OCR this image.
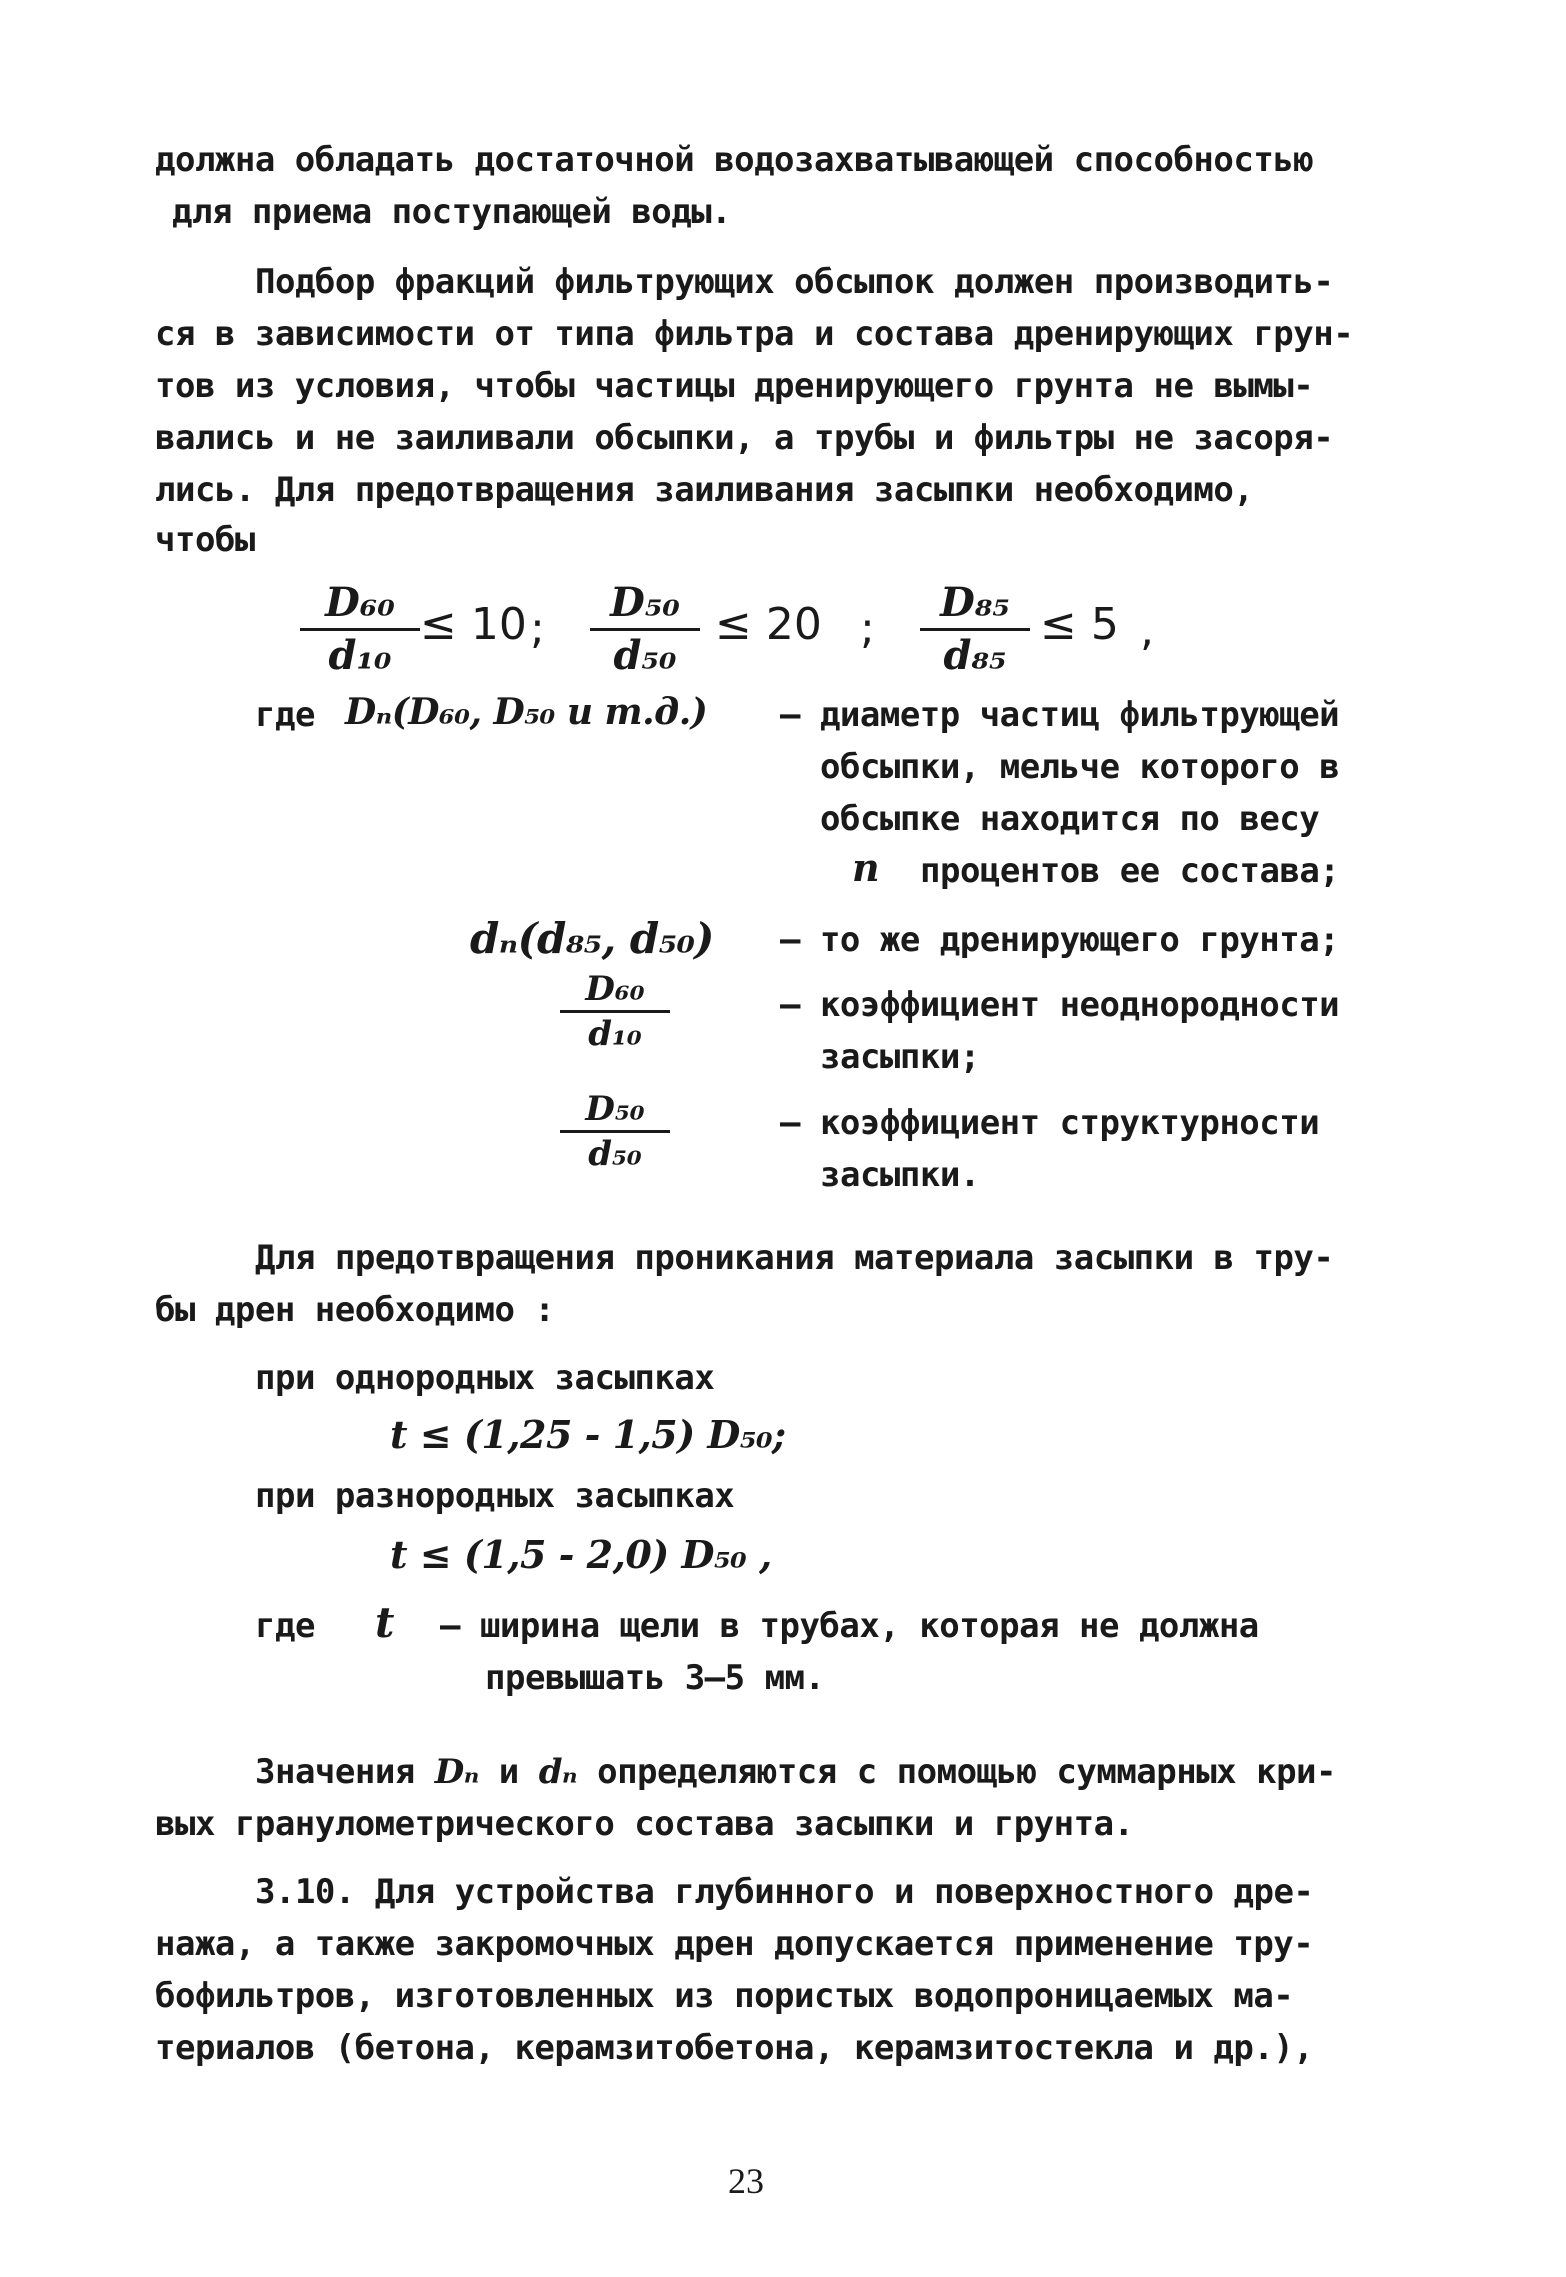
должна обладать достаточной водозахватывающей способностью
для приема поступающей воды.
Подбор фракций фильтрующих обсыпок должен производить-
ся в зависимости от типа фильтра и состава дренирующих грун-
тов из условия, чтобы частицы дренирующего грунта не вымы-
вались и не заиливали обсыпки, а трубы и фильтры не засоря-
лись. Для предотвращения заиливания засыпки необходимо,
чтобы
D₆₀
d₁₀
≤ 10 ;
D₅₀
d₅₀
≤ 20 ;
D₈₅
d₈₅
≤ 5 ,
где Dₙ(D₆₀, D₅₀ и т.д.) – диаметр частиц фильтрующей
обсыпки, мельче которого в
обсыпке находится по весу
n процентов ее состава;
dₙ(d₈₅, d₅₀) – то же дренирующего грунта;
D₆₀
d₁₀
– коэффициент неоднородности
засыпки;
D₅₀
d₅₀
– коэффициент структурности
засыпки.
Для предотвращения проникания материала засыпки в тру-
бы дрен необходимо :
при однородных засыпках
t ≤ (1,25 - 1,5) D₅₀;
при разнородных засыпках
t ≤ (1,5 - 2,0) D₅₀ ,
где t – ширина щели в трубах, которая не должна
превышать 3–5 мм.
Значения Dₙ и dₙ определяются с помощью суммарных кри-
вых гранулометрического состава засыпки и грунта.
3.10. Для устройства глубинного и поверхностного дре-
нажа, а также закромочных дрен допускается применение тру-
бофильтров, изготовленных из пористых водопроницаемых ма-
териалов (бетона, керамзитобетона, керамзитостекла и др.),
23
